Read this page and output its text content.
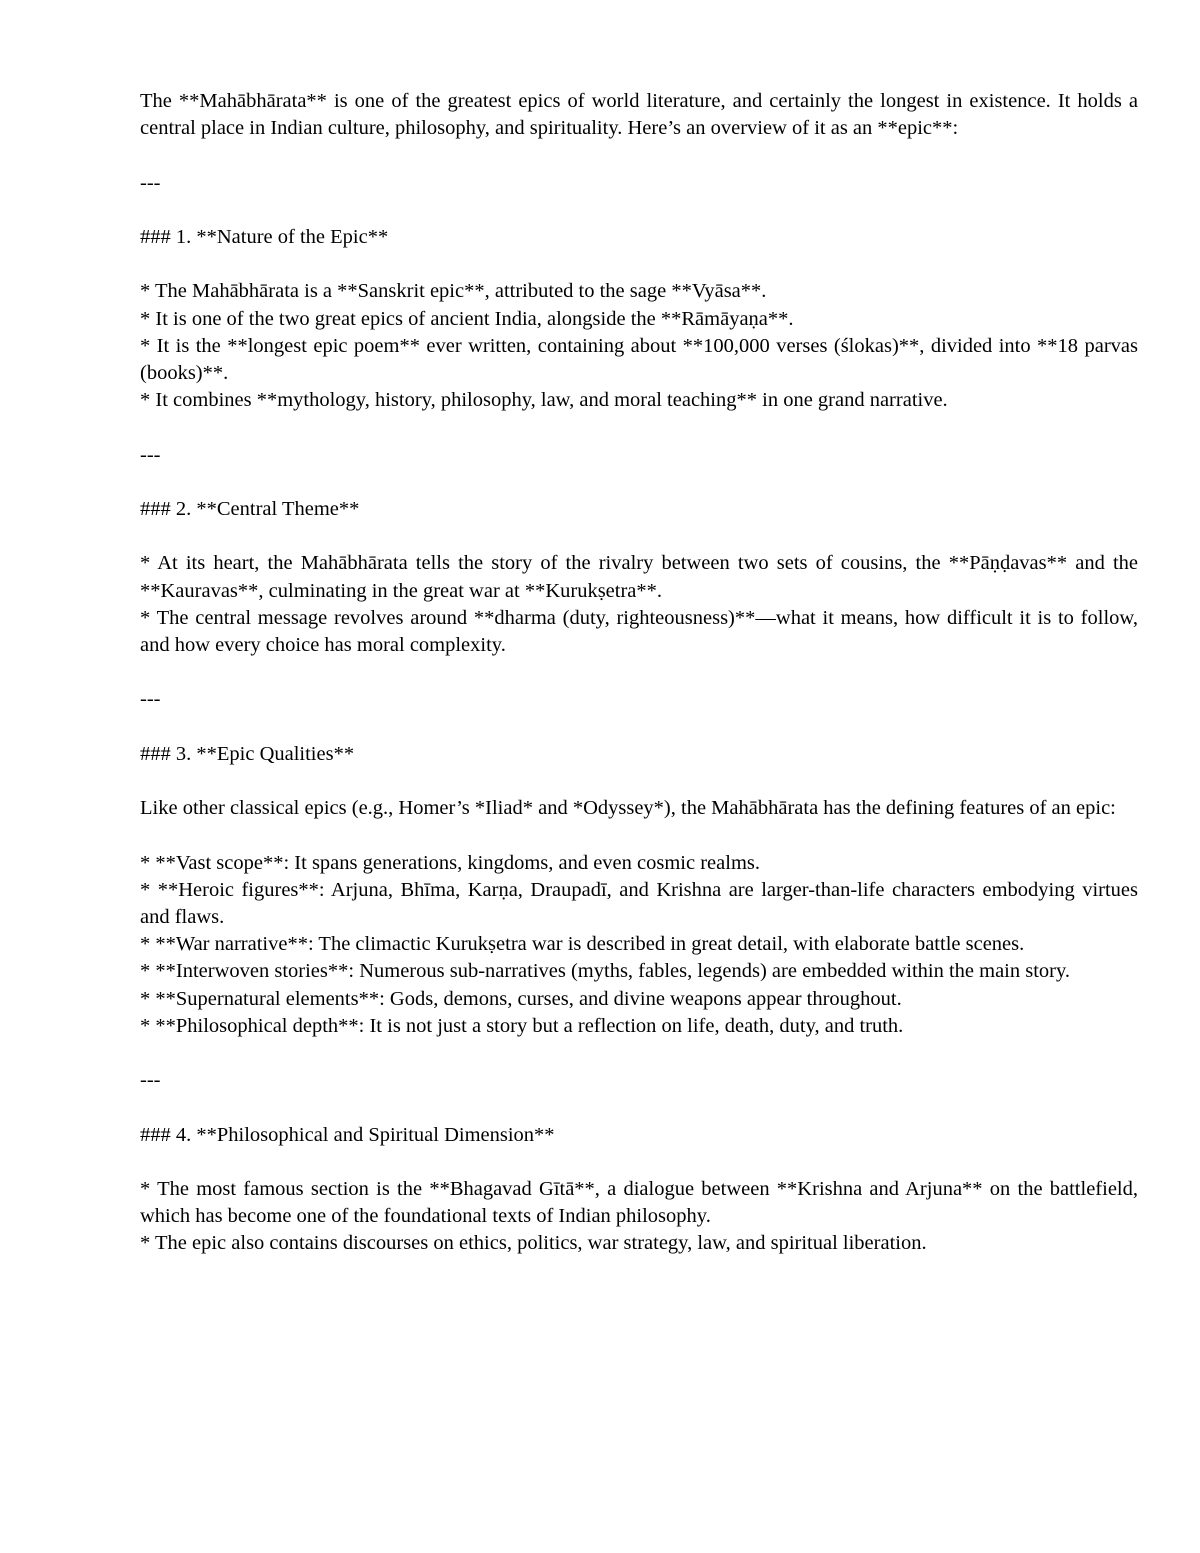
The **Mahābhārata** is one of the greatest epics of world literature, and certainly the longest in existence. It holds a central place in Indian culture, philosophy, and spirituality. Here’s an overview of it as an **epic**:

---

### 1. **Nature of the Epic**

* The Mahābhārata is a **Sanskrit epic**, attributed to the sage **Vyāsa**.

* It is one of the two great epics of ancient India, alongside the **Rāmāyaṇa**.

* It is the **longest epic poem** ever written, containing about **100,000 verses (ślokas)**, divided into **18 parvas (books)**.

* It combines **mythology, history, philosophy, law, and moral teaching** in one grand narrative.

---

### 2. **Central Theme**

* At its heart, the Mahābhārata tells the story of the rivalry between two sets of cousins, the **Pāṇḍavas** and the **Kauravas**, culminating in the great war at **Kurukṣetra**.

* The central message revolves around **dharma (duty, righteousness)**—what it means, how difficult it is to follow, and how every choice has moral complexity.

---

### 3. **Epic Qualities**

Like other classical epics (e.g., Homer’s *Iliad* and *Odyssey*), the Mahābhārata has the defining features of an epic:

* **Vast scope**: It spans generations, kingdoms, and even cosmic realms.

* **Heroic figures**: Arjuna, Bhīma, Karṇa, Draupadī, and Krishna are larger-than-life characters embodying virtues and flaws.

* **War narrative**: The climactic Kurukṣetra war is described in great detail, with elaborate battle scenes.

* **Interwoven stories**: Numerous sub-narratives (myths, fables, legends) are embedded within the main story.

* **Supernatural elements**: Gods, demons, curses, and divine weapons appear throughout.

* **Philosophical depth**: It is not just a story but a reflection on life, death, duty, and truth.

---

### 4. **Philosophical and Spiritual Dimension**

* The most famous section is the **Bhagavad Gītā**, a dialogue between **Krishna and Arjuna** on the battlefield, which has become one of the foundational texts of Indian philosophy.

* The epic also contains discourses on ethics, politics, war strategy, law, and spiritual liberation.
